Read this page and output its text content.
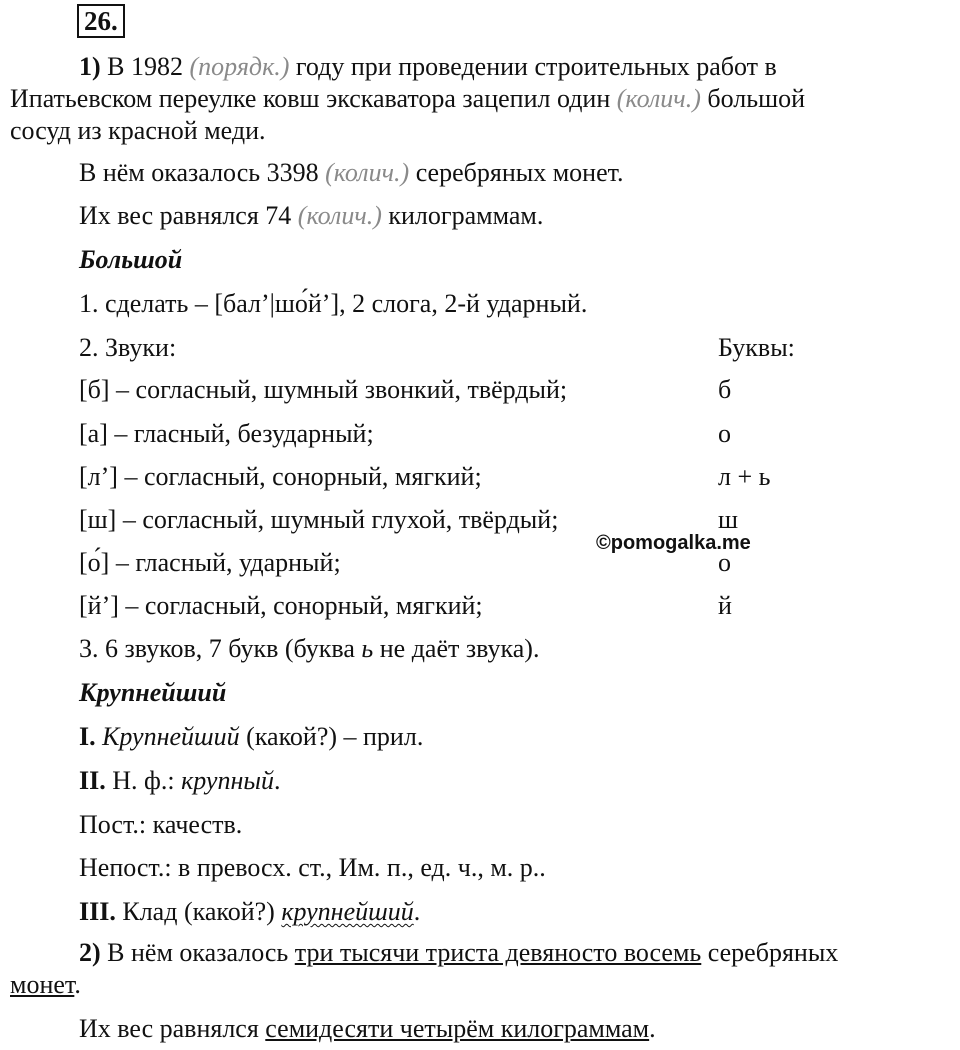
26.
1) В 1982 (порядк.) году при проведении строительных работ в
Ипатьевском переулке ковш экскаватора зацепил один (колич.) большой
сосуд из красной меди.
В нём оказалось 3398 (колич.) серебряных монет.
Их вес равнялся 74 (колич.) килограммам.
Большой
1. сделать – [бал’|шо́й’], 2 слога, 2-й ударный.
2. Звуки:	Буквы:
[б] – согласный, шумный звонкий, твёрдый;	б
[а] – гласный, безударный;	о
[л’] – согласный, сонорный, мягкий;	л + ь
[ш] – согласный, шумный глухой, твёрдый;	ш
[о́] – гласный, ударный;	о
[й’] – согласный, сонорный, мягкий;	й
©pomogalka.me
3. 6 звуков, 7 букв (буква ь не даёт звука).
Крупнейший
I. Крупнейший (какой?) – прил.
II. Н. ф.: крупный.
Пост.: качеств.
Непост.: в превосх. ст., Им. п., ед. ч., м. р..
III. Клад (какой?) крупнейший.
2) В нём оказалось три тысячи триста девяносто восемь серебряных
монет.
Их вес равнялся семидесяти четырём килограммам.
